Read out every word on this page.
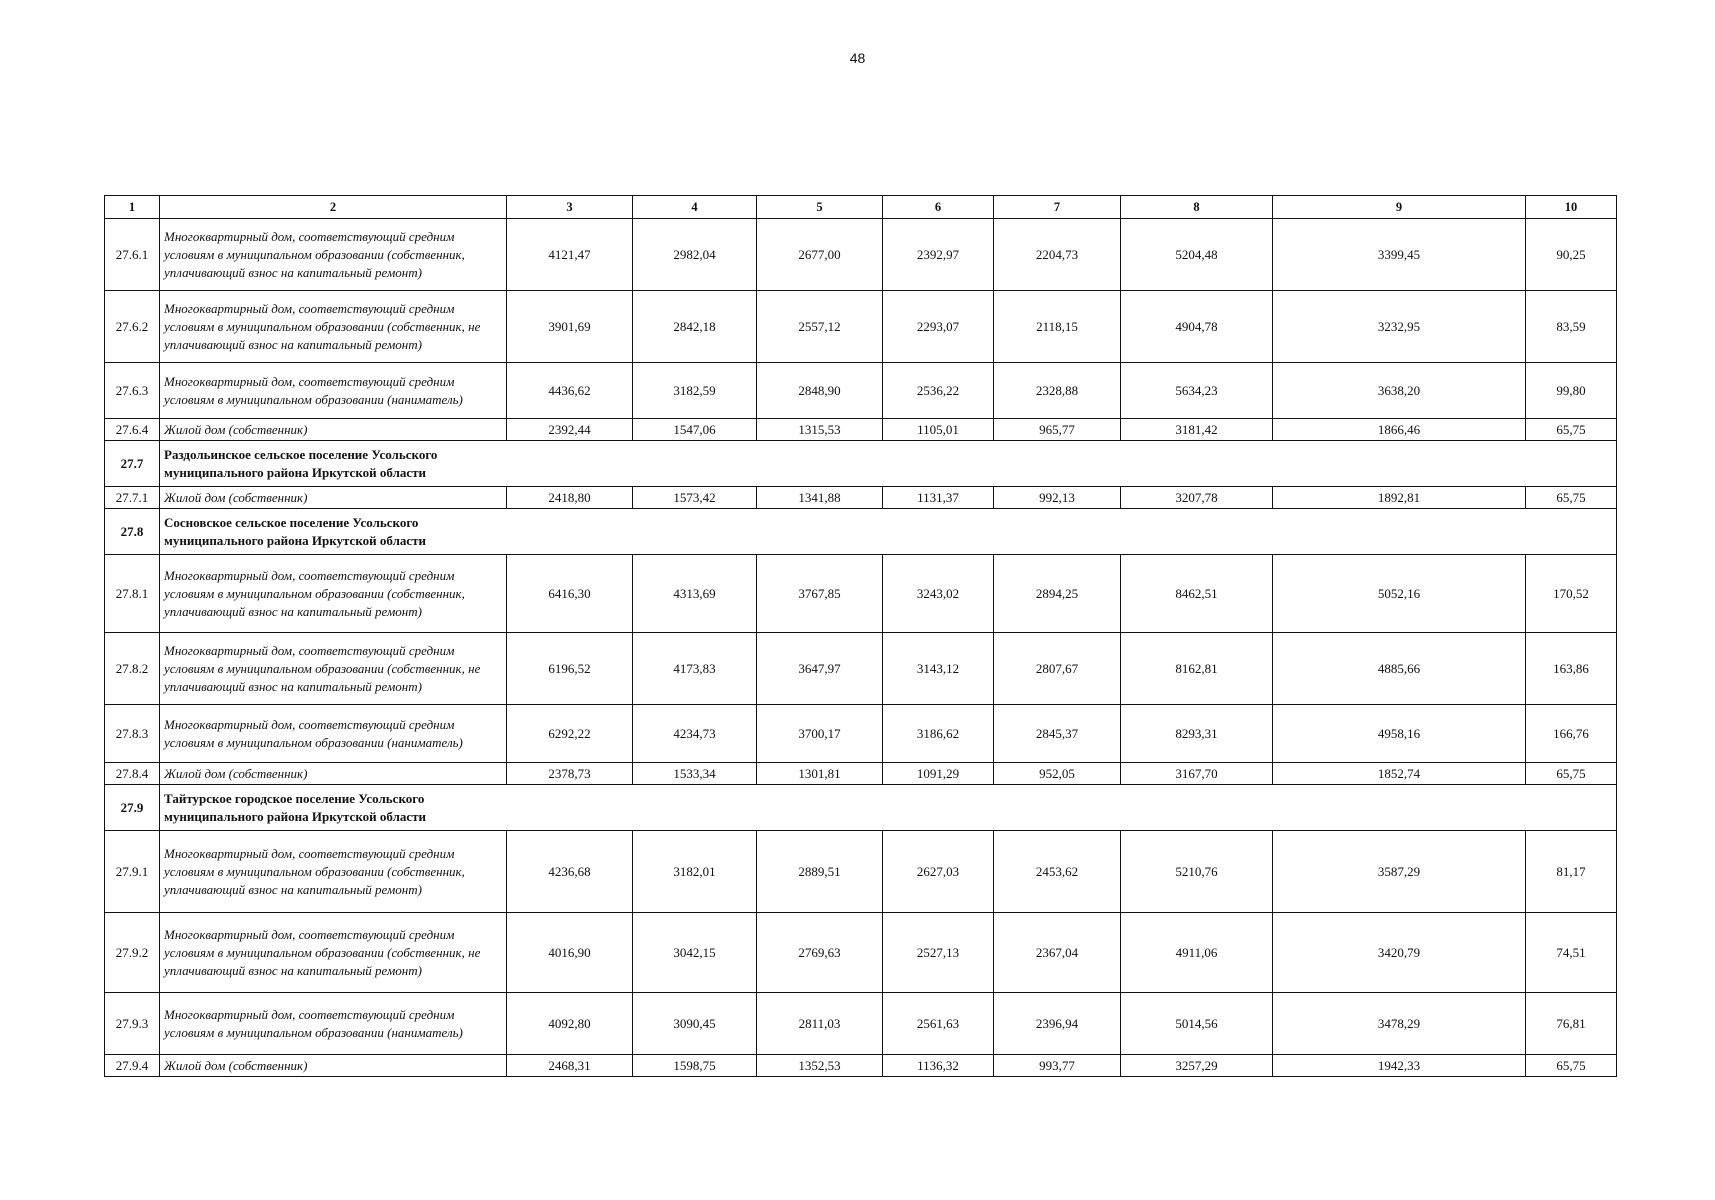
48
1	2	3	4	5	6	7	8	9	10
27.6.1	Многоквартирный дом, соответствующий средним условиям в муниципальном образовании (собственник, уплачивающий взнос на капитальный ремонт)	4121,47	2982,04	2677,00	2392,97	2204,73	5204,48	3399,45	90,25
27.6.2	Многоквартирный дом, соответствующий средним условиям в муниципальном образовании (собственник, не уплачивающий взнос на капитальный ремонт)	3901,69	2842,18	2557,12	2293,07	2118,15	4904,78	3232,95	83,59
27.6.3	Многоквартирный дом, соответствующий средним условиям в муниципальном образовании (наниматель)	4436,62	3182,59	2848,90	2536,22	2328,88	5634,23	3638,20	99,80
27.6.4	Жилой дом (собственник)	2392,44	1547,06	1315,53	1105,01	965,77	3181,42	1866,46	65,75
27.7	Раздольинское сельское поселение Усольского муниципального района Иркутской области								
27.7.1	Жилой дом (собственник)	2418,80	1573,42	1341,88	1131,37	992,13	3207,78	1892,81	65,75
27.8	Сосновское сельское поселение Усольского муниципального района Иркутской области								
27.8.1	Многоквартирный дом, соответствующий средним условиям в муниципальном образовании (собственник, уплачивающий взнос на капитальный ремонт)	6416,30	4313,69	3767,85	3243,02	2894,25	8462,51	5052,16	170,52
27.8.2	Многоквартирный дом, соответствующий средним условиям в муниципальном образовании (собственник, не уплачивающий взнос на капитальный ремонт)	6196,52	4173,83	3647,97	3143,12	2807,67	8162,81	4885,66	163,86
27.8.3	Многоквартирный дом, соответствующий средним условиям в муниципальном образовании (наниматель)	6292,22	4234,73	3700,17	3186,62	2845,37	8293,31	4958,16	166,76
27.8.4	Жилой дом (собственник)	2378,73	1533,34	1301,81	1091,29	952,05	3167,70	1852,74	65,75
27.9	Тайтурское городское поселение Усольского муниципального района Иркутской области								
27.9.1	Многоквартирный дом, соответствующий средним условиям в муниципальном образовании (собственник, уплачивающий взнос на капитальный ремонт)	4236,68	3182,01	2889,51	2627,03	2453,62	5210,76	3587,29	81,17
27.9.2	Многоквартирный дом, соответствующий средним условиям в муниципальном образовании (собственник, не уплачивающий взнос на капитальный ремонт)	4016,90	3042,15	2769,63	2527,13	2367,04	4911,06	3420,79	74,51
27.9.3	Многоквартирный дом, соответствующий средним условиям в муниципальном образовании (наниматель)	4092,80	3090,45	2811,03	2561,63	2396,94	5014,56	3478,29	76,81
27.9.4	Жилой дом (собственник)	2468,31	1598,75	1352,53	1136,32	993,77	3257,29	1942,33	65,75
